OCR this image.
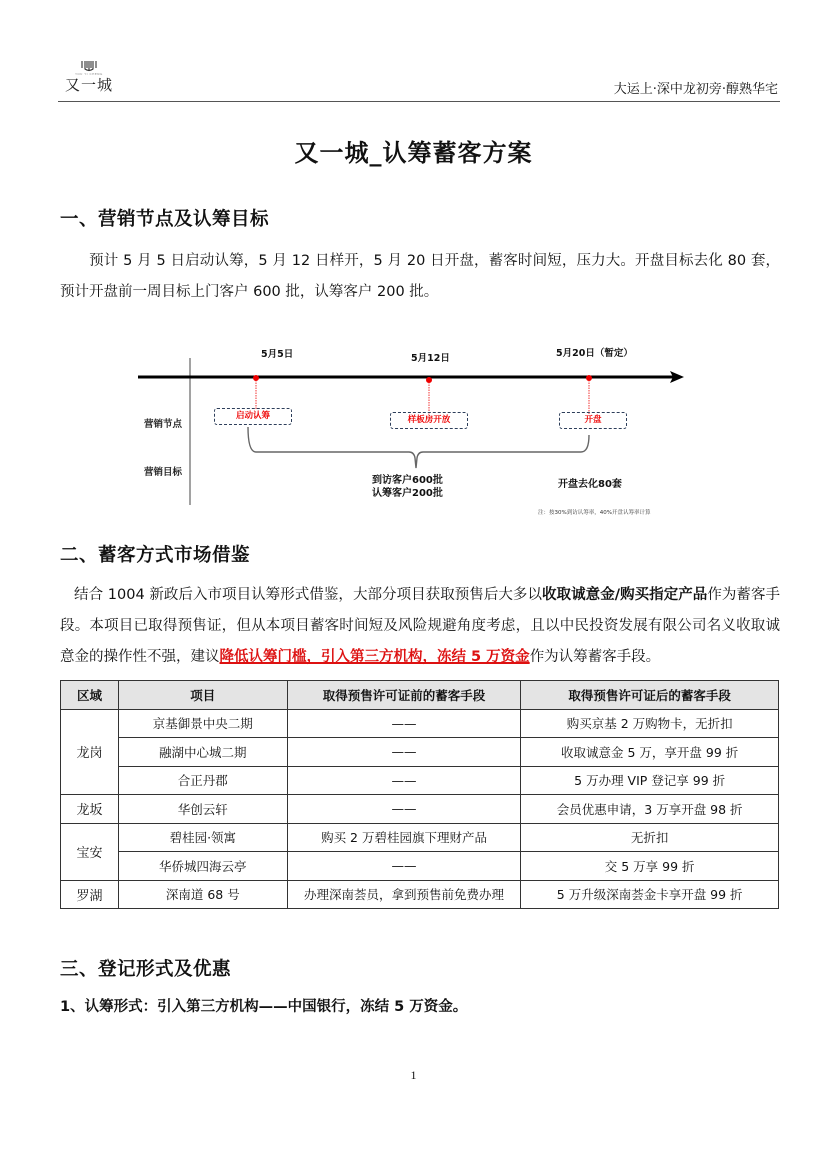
YOU YI CHENG
又一城	大运上·深中龙初旁·醇熟华宅
又一城_认筹蓄客方案
一、营销节点及认筹目标
预计 5 月 5 日启动认筹，5 月 12 日样开，5 月 20 日开盘，蓄客时间短，压力大。开盘目标去化 80 套，预计开盘前一周目标上门客户 600 批，认筹客户 200 批。
5月5日	5月12日	5月20日（暂定）
营销节点
营销目标
启动认筹	样板房开放	开盘
到访客户600批
认筹客户200批
开盘去化80套
注：按30%到访认筹率，40%开盘认筹率计算
二、蓄客方式市场借鉴
结合 1004 新政后入市项目认筹形式借鉴，大部分项目获取预售后大多以收取诚意金/购买指定产品作为蓄客手段。本项目已取得预售证，但从本项目蓄客时间短及风险规避角度考虑，且以中民投资发展有限公司名义收取诚意金的操作性不强，建议降低认筹门槛，引入第三方机构，冻结 5 万资金作为认筹蓄客手段。
区域	项目	取得预售许可证前的蓄客手段	取得预售许可证后的蓄客手段
龙岗	京基御景中央二期	——	购买京基 2 万购物卡，无折扣
	融湖中心城二期	——	收取诚意金 5 万，享开盘 99 折
	合正丹郡	——	5 万办理 VIP 登记享 99 折
龙坂	华创云轩	——	会员优惠申请，3 万享开盘 98 折
宝安	碧桂园·领寓	购买 2 万碧桂园旗下理财产品	无折扣
	华侨城四海云亭	——	交 5 万享 99 折
罗湖	深南道 68 号	办理深南荟员，拿到预售前免费办理	5 万升级深南荟金卡享开盘 99 折
三、登记形式及优惠
1、认筹形式：引入第三方机构——中国银行，冻结 5 万资金。
1
